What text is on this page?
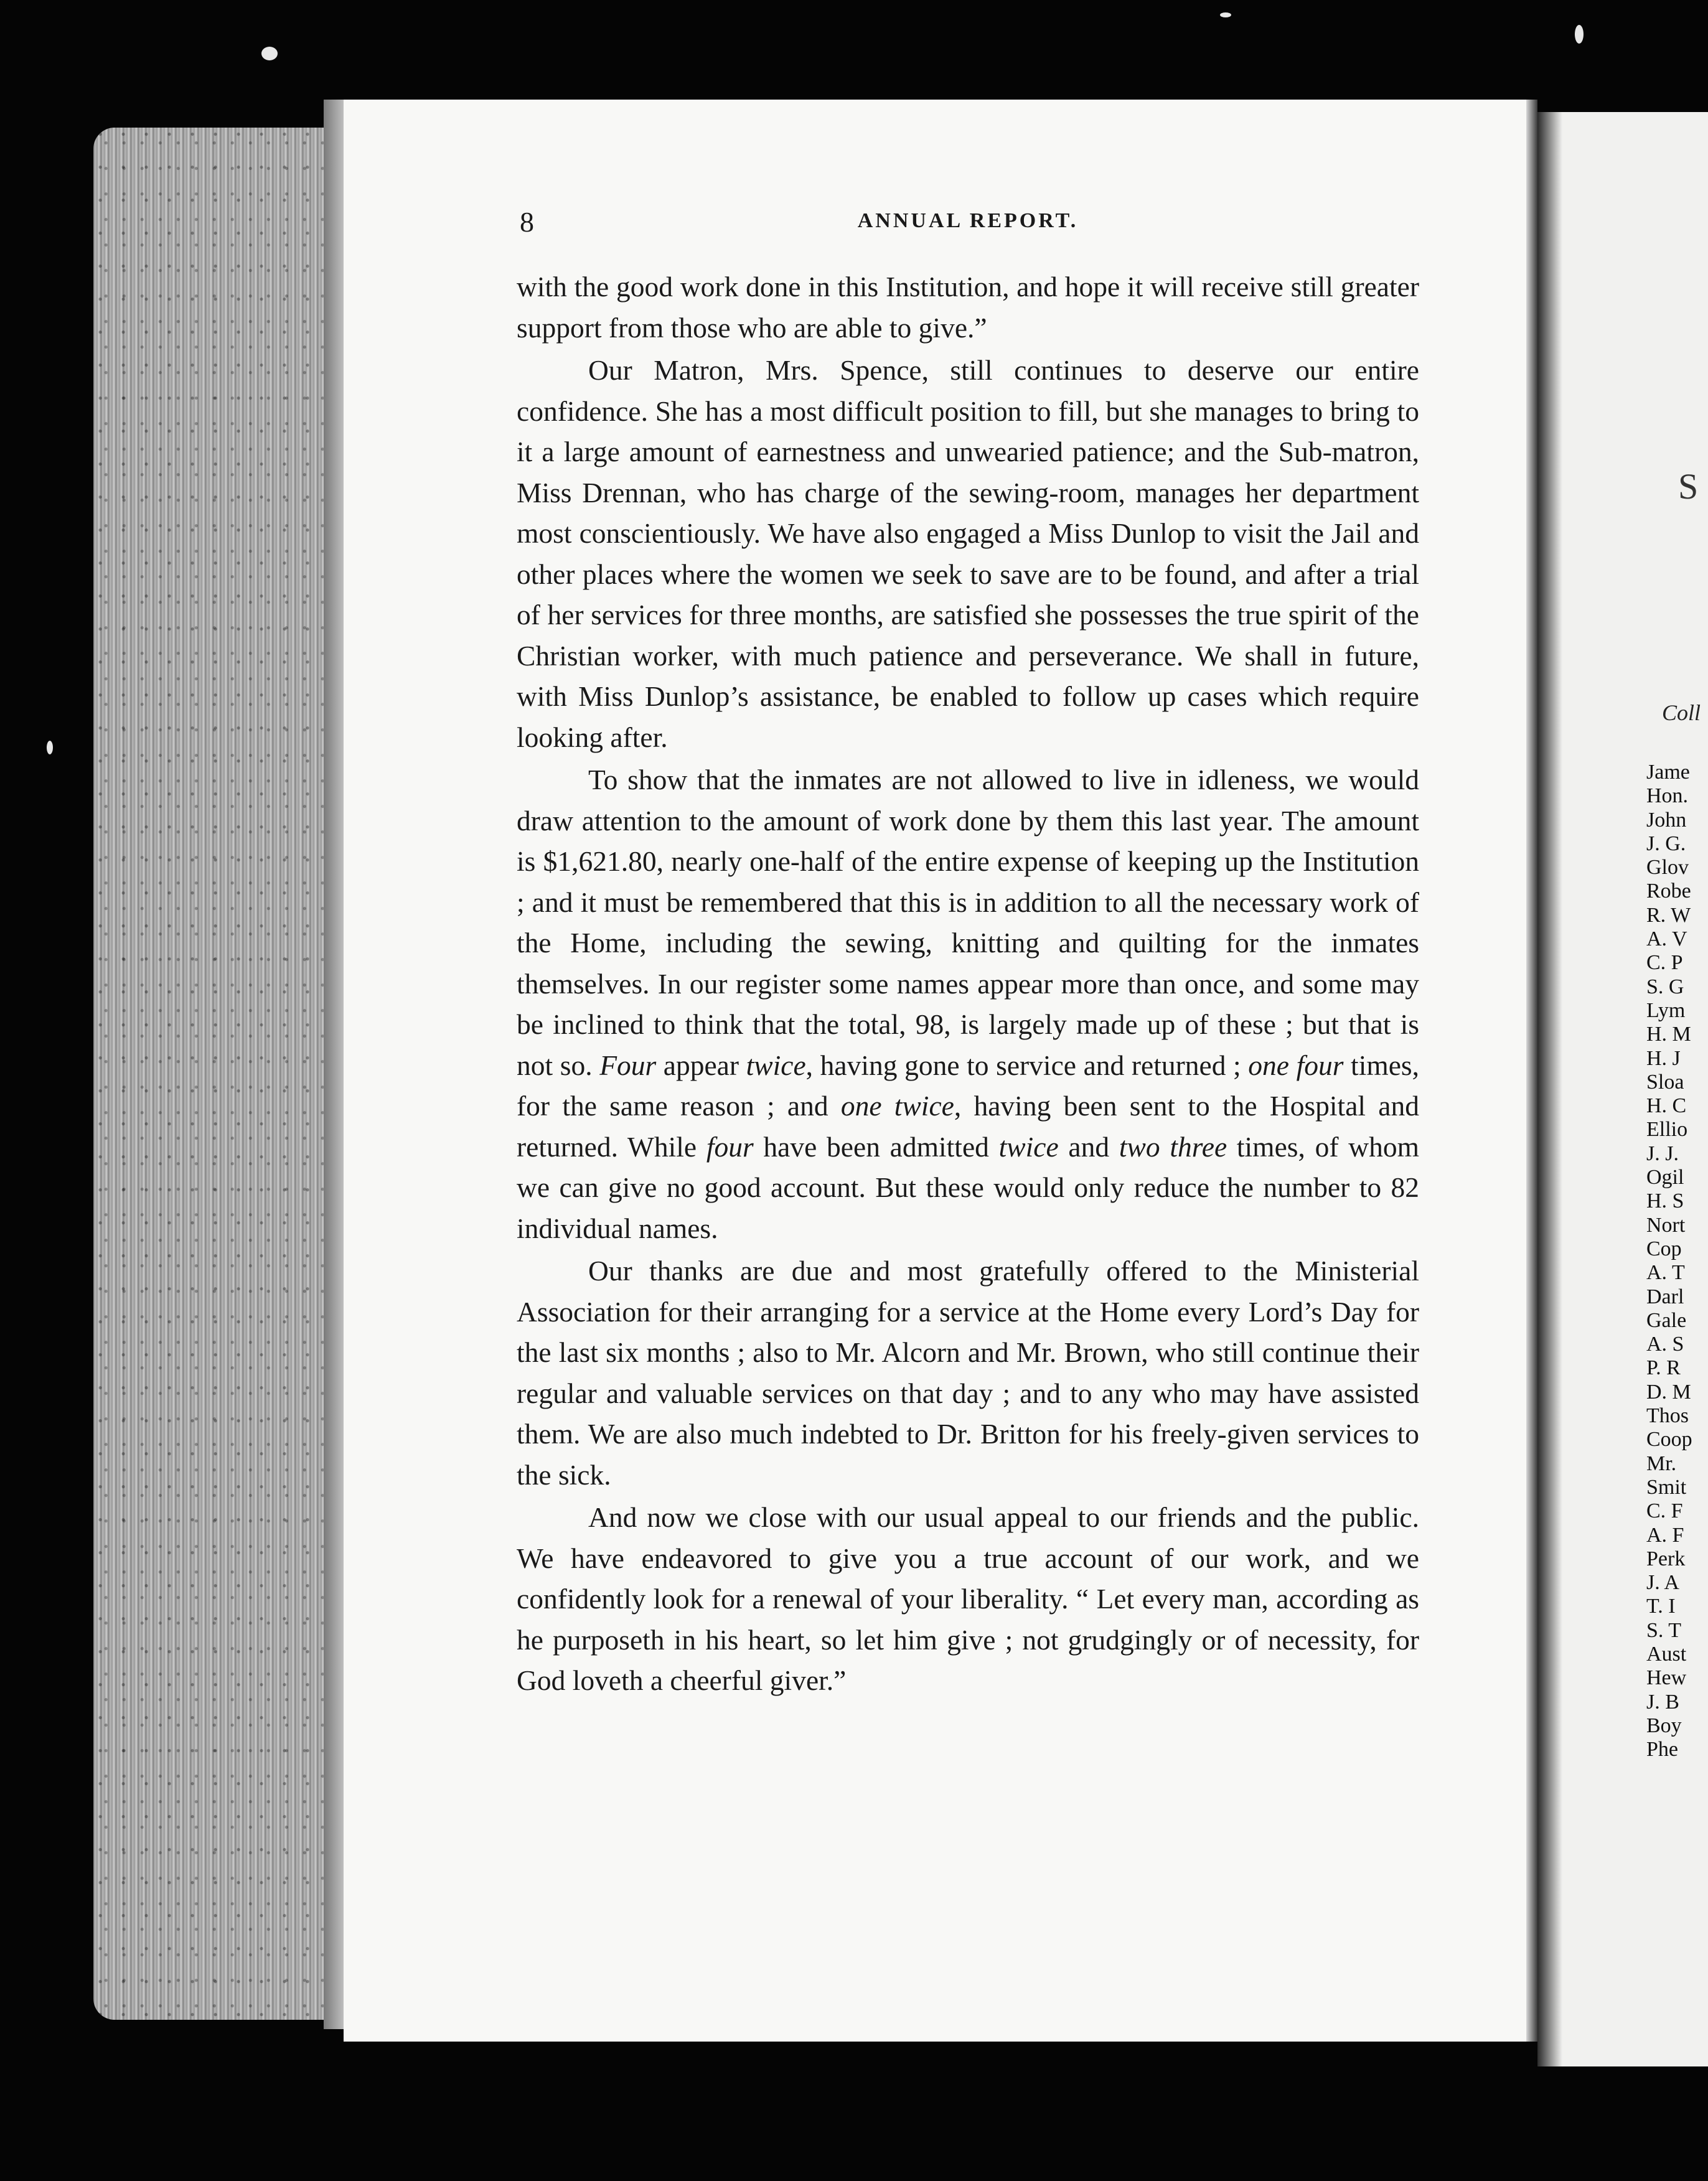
8	ANNUAL REPORT.

with the good work done in this Institution, and hope it will receive still greater support from those who are able to give.”

Our Matron, Mrs. Spence, still continues to deserve our entire confidence. She has a most difficult position to fill, but she manages to bring to it a large amount of earnestness and unwearied patience; and the Sub-matron, Miss Drennan, who has charge of the sewing-room, manages her department most conscientiously. We have also engaged a Miss Dunlop to visit the Jail and other places where the women we seek to save are to be found, and after a trial of her services for three months, are satisfied she possesses the true spirit of the Christian worker, with much patience and perseverance. We shall in future, with Miss Dunlop’s assistance, be enabled to follow up cases which require looking after.

To show that the inmates are not allowed to live in idleness, we would draw attention to the amount of work done by them this last year. The amount is $1,621.80, nearly one-half of the entire expense of keeping up the Institution ; and it must be remembered that this is in addition to all the necessary work of the Home, including the sewing, knitting and quilting for the inmates themselves. In our register some names appear more than once, and some may be inclined to think that the total, 98, is largely made up of these ; but that is not so. Four appear twice, having gone to service and returned ; one four times, for the same reason ; and one twice, having been sent to the Hospital and returned. While four have been admitted twice and two three times, of whom we can give no good account. But these would only reduce the number to 82 individual names.

Our thanks are due and most gratefully offered to the Ministerial Association for their arranging for a service at the Home every Lord’s Day for the last six months ; also to Mr. Alcorn and Mr. Brown, who still continue their regular and valuable services on that day ; and to any who may have assisted them. We are also much indebted to Dr. Britton for his freely-given services to the sick.

And now we close with our usual appeal to our friends and the public. We have endeavored to give you a true account of our work, and we confidently look for a renewal of your liberality. “ Let every man, according as he purposeth in his heart, so let him give ; not grudgingly or of necessity, for God loveth a cheerful giver.”

S
Coll
Jame
Hon.
John
J. G.
Glov
Robe
R. W
A. V
C. P
S. G
Lym
H. M
H. J
Sloa
H. C
Ellio
J. J.
Ogil
H. S
Nort
Cop
A. T
Darl
Gale
A. S
P. R
D. M
Thos
Coop
Mr.
Smit
C. F
A. F
Perk
J. A
T. I
S. T
Aust
Hew
J. B
Boy
Phe
